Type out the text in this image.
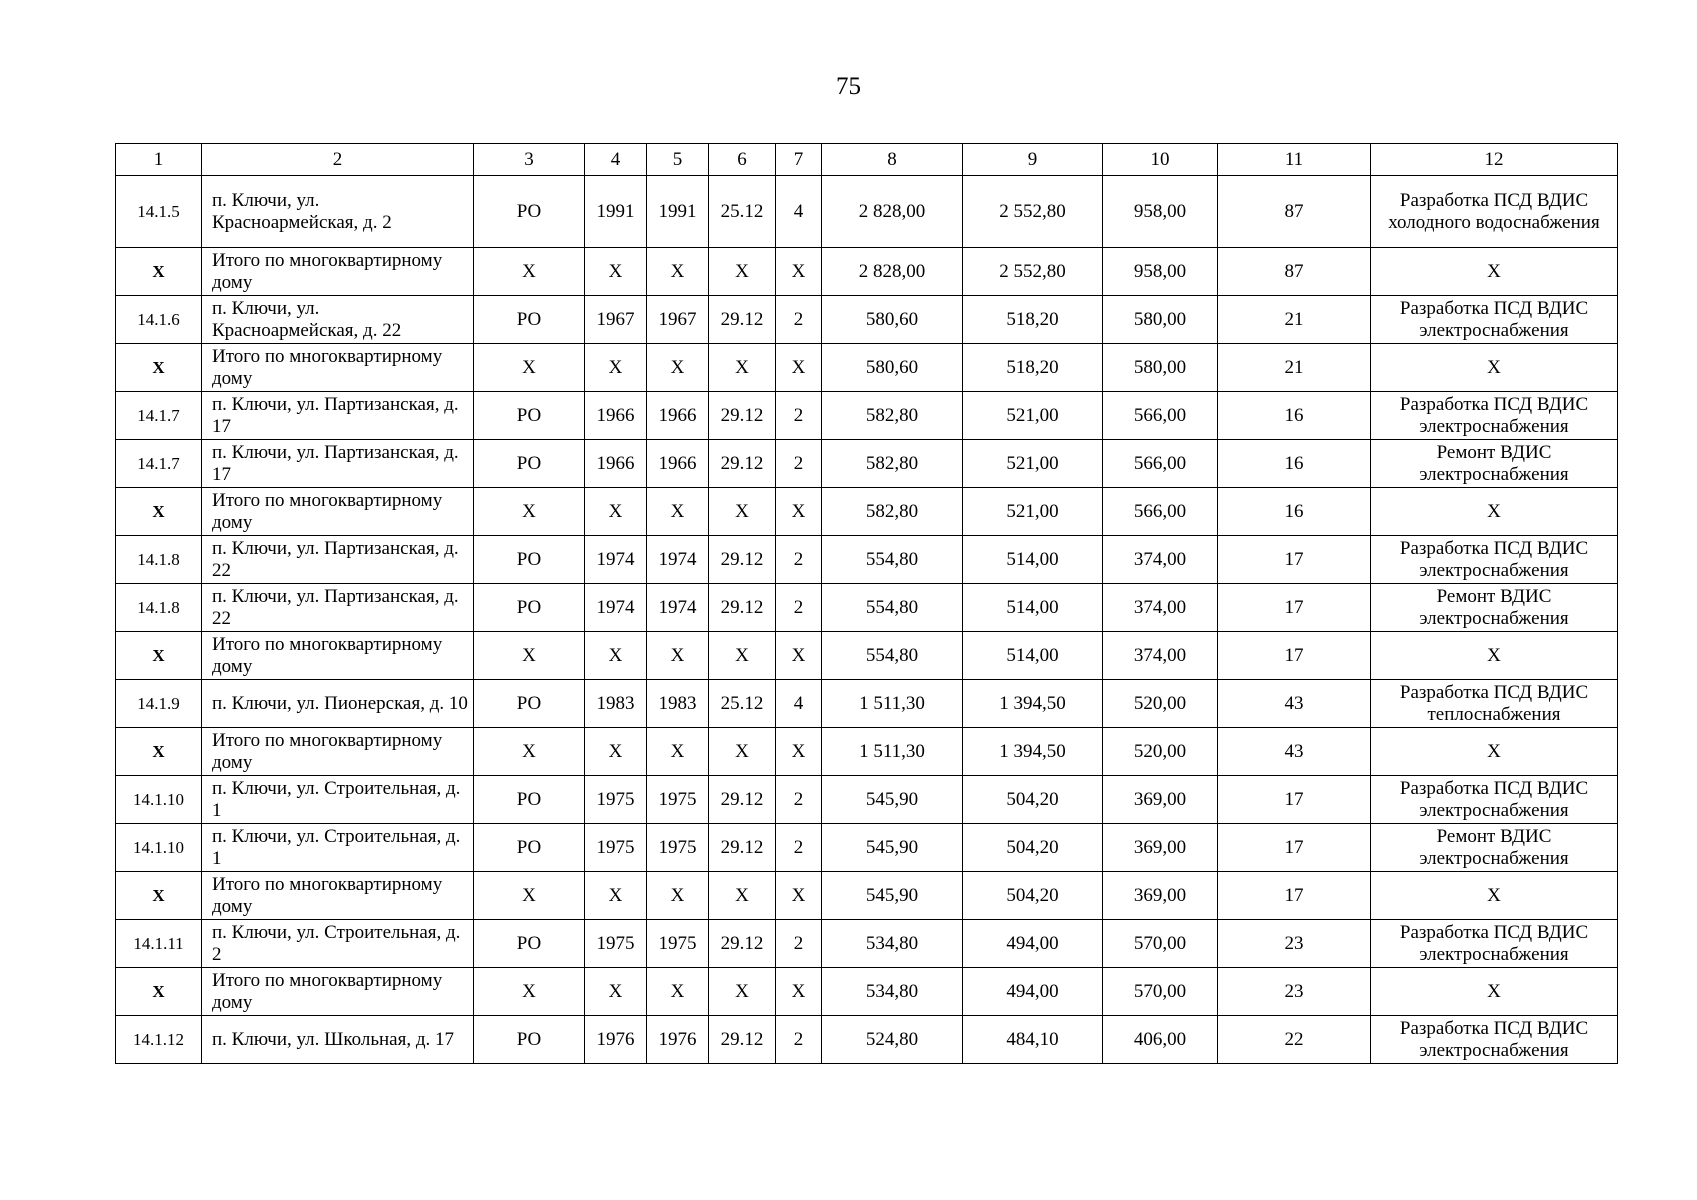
75
1	2	3	4	5	6	7	8	9	10	11	12
14.1.5	п. Ключи, ул. Красноармейская, д. 2	РО	1991	1991	25.12	4	2 828,00	2 552,80	958,00	87	Разработка ПСД ВДИС холодного водоснабжения
Х	Итого по многоквартирному дому	Х	Х	Х	Х	Х	2 828,00	2 552,80	958,00	87	Х
14.1.6	п. Ключи, ул. Красноармейская, д. 22	РО	1967	1967	29.12	2	580,60	518,20	580,00	21	Разработка ПСД ВДИС электроснабжения
Х	Итого по многоквартирному дому	Х	Х	Х	Х	Х	580,60	518,20	580,00	21	Х
14.1.7	п. Ключи, ул. Партизанская, д. 17	РО	1966	1966	29.12	2	582,80	521,00	566,00	16	Разработка ПСД ВДИС электроснабжения
14.1.7	п. Ключи, ул. Партизанская, д. 17	РО	1966	1966	29.12	2	582,80	521,00	566,00	16	Ремонт ВДИС электроснабжения
Х	Итого по многоквартирному дому	Х	Х	Х	Х	Х	582,80	521,00	566,00	16	Х
14.1.8	п. Ключи, ул. Партизанская, д. 22	РО	1974	1974	29.12	2	554,80	514,00	374,00	17	Разработка ПСД ВДИС электроснабжения
14.1.8	п. Ключи, ул. Партизанская, д. 22	РО	1974	1974	29.12	2	554,80	514,00	374,00	17	Ремонт ВДИС электроснабжения
Х	Итого по многоквартирному дому	Х	Х	Х	Х	Х	554,80	514,00	374,00	17	Х
14.1.9	п. Ключи, ул. Пионерская, д. 10	РО	1983	1983	25.12	4	1 511,30	1 394,50	520,00	43	Разработка ПСД ВДИС теплоснабжения
Х	Итого по многоквартирному дому	Х	Х	Х	Х	Х	1 511,30	1 394,50	520,00	43	Х
14.1.10	п. Ключи, ул. Строительная, д. 1	РО	1975	1975	29.12	2	545,90	504,20	369,00	17	Разработка ПСД ВДИС электроснабжения
14.1.10	п. Ключи, ул. Строительная, д. 1	РО	1975	1975	29.12	2	545,90	504,20	369,00	17	Ремонт ВДИС электроснабжения
Х	Итого по многоквартирному дому	Х	Х	Х	Х	Х	545,90	504,20	369,00	17	Х
14.1.11	п. Ключи, ул. Строительная, д. 2	РО	1975	1975	29.12	2	534,80	494,00	570,00	23	Разработка ПСД ВДИС электроснабжения
Х	Итого по многоквартирному дому	Х	Х	Х	Х	Х	534,80	494,00	570,00	23	Х
14.1.12	п. Ключи, ул. Школьная, д. 17	РО	1976	1976	29.12	2	524,80	484,10	406,00	22	Разработка ПСД ВДИС электроснабжения
